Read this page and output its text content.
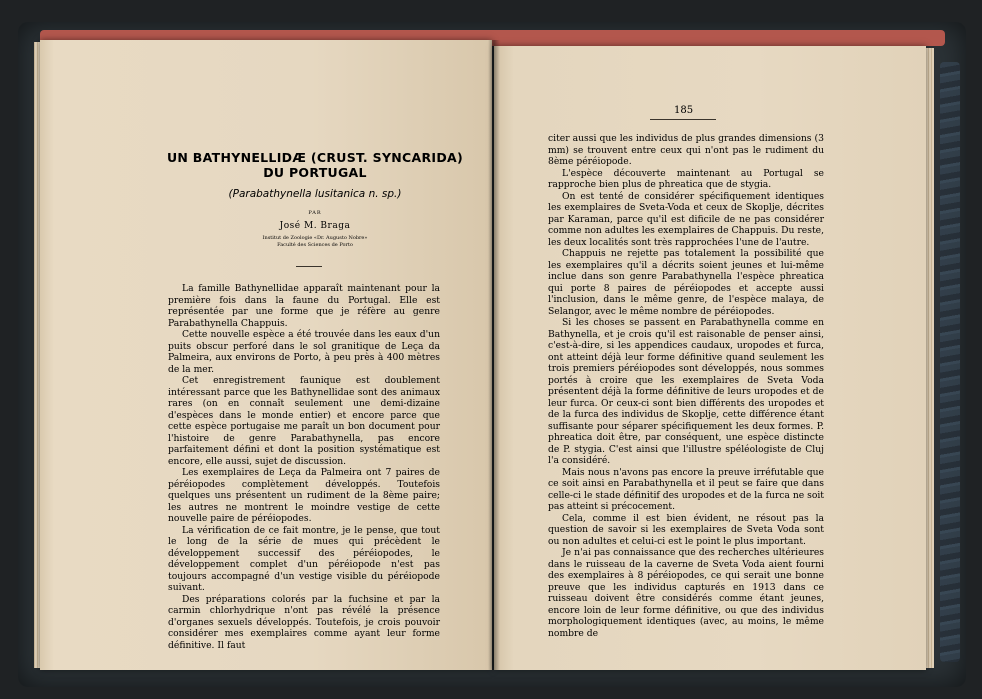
UN BATHYNELLIDÆ (CRUST. SYNCARIDA)
DU PORTUGAL

(Parabathynella lusitanica n. sp.)

PAR

José M. Braga

Institut de Zoologie «Dr. Augusto Nobre»

Faculté des Sciences de Porto

La famille Bathynellidae apparaît maintenant pour la première fois dans la faune du Portugal. Elle est représentée par une forme que je réfère au genre Parabathynella Chappuis.

Cette nouvelle espèce a été trouvée dans les eaux d'un puits obscur perforé dans le sol granitique de Leça da Palmeira, aux environs de Porto, à peu près à 400 mètres de la mer.

Cet enregistrement faunique est doublement intéressant parce que les Bathynellidae sont des animaux rares (on en connaît seulement une demi-dizaine d'espèces dans le monde entier) et encore parce que cette espèce portugaise me paraît un bon document pour l'histoire de genre Parabathynella, pas encore parfaitement défini et dont la position systématique est encore, elle aussi, sujet de discussion.

Les exemplaires de Leça da Palmeira ont 7 paires de péréiopodes complètement développés. Toutefois quelques uns présentent un rudiment de la 8ème paire; les autres ne montrent le moindre vestige de cette nouvelle paire de péréiopodes.

La vérification de ce fait montre, je le pense, que tout le long de la série de mues qui précèdent le développement successif des péréiopodes, le développement complet d'un péréiopode n'est pas toujours accompagné d'un vestige visible du péréiopode suivant.

Des préparations colorés par la fuchsine et par la carmin chlorhydrique n'ont pas révélé la présence d'organes sexuels développés. Toutefois, je crois pouvoir considérer mes exemplaires comme ayant leur forme définitive. Il faut

185

citer aussi que les individus de plus grandes dimensions (3 mm) se trouvent entre ceux qui n'ont pas le rudiment du 8ème péréiopode.

L'espèce découverte maintenant au Portugal se rapproche bien plus de phreatica que de stygia.

On est tenté de considérer spécifiquement identiques les exemplaires de Sveta-Voda et ceux de Skoplje, décrites par Karaman, parce qu'il est dificile de ne pas considérer comme non adultes les exemplaires de Chappuis. Du reste, les deux localités sont très rapprochées l'une de l'autre.

Chappuis ne rejette pas totalement la possibilité que les exemplaires qu'il a décrits soient jeunes et lui-même inclue dans son genre Parabathynella l'espèce phreatica qui porte 8 paires de péréiopodes et accepte aussi l'inclusion, dans le même genre, de l'espèce malaya, de Selangor, avec le même nombre de péréiopodes.

Si les choses se passent en Parabathynella comme en Bathynella, et je crois qu'il est raisonable de penser ainsi, c'est-à-dire, si les appendices caudaux, uropodes et furca, ont atteint déjà leur forme définitive quand seulement les trois premiers péréiopodes sont développés, nous sommes portés à croire que les exemplaires de Sveta Voda présentent déjà la forme définitive de leurs uropodes et de leur furca. Or ceux-ci sont bien différents des uropodes et de la furca des individus de Skoplje, cette différence étant suffisante pour séparer spécifiquement les deux formes. P. phreatica doit être, par conséquent, une espèce distincte de P. stygia. C'est ainsi que l'illustre spéléologiste de Cluj l'a considéré.

Mais nous n'avons pas encore la preuve irréfutable que ce soit ainsi en Parabathynella et il peut se faire que dans celle-ci le stade définitif des uropodes et de la furca ne soit pas atteint si précocement.

Cela, comme il est bien évident, ne résout pas la question de savoir si les exemplaires de Sveta Voda sont ou non adultes et celui-ci est le point le plus important.

Je n'ai pas connaissance que des recherches ultérieures dans le ruisseau de la caverne de Sveta Voda aient fourni des exemplaires à 8 péréiopodes, ce qui serait une bonne preuve que les individus capturés en 1913 dans ce ruisseau doivent être considérés comme étant jeunes, encore loin de leur forme définitive, ou que des individus morphologiquement identiques (avec, au moins, le même nombre de
